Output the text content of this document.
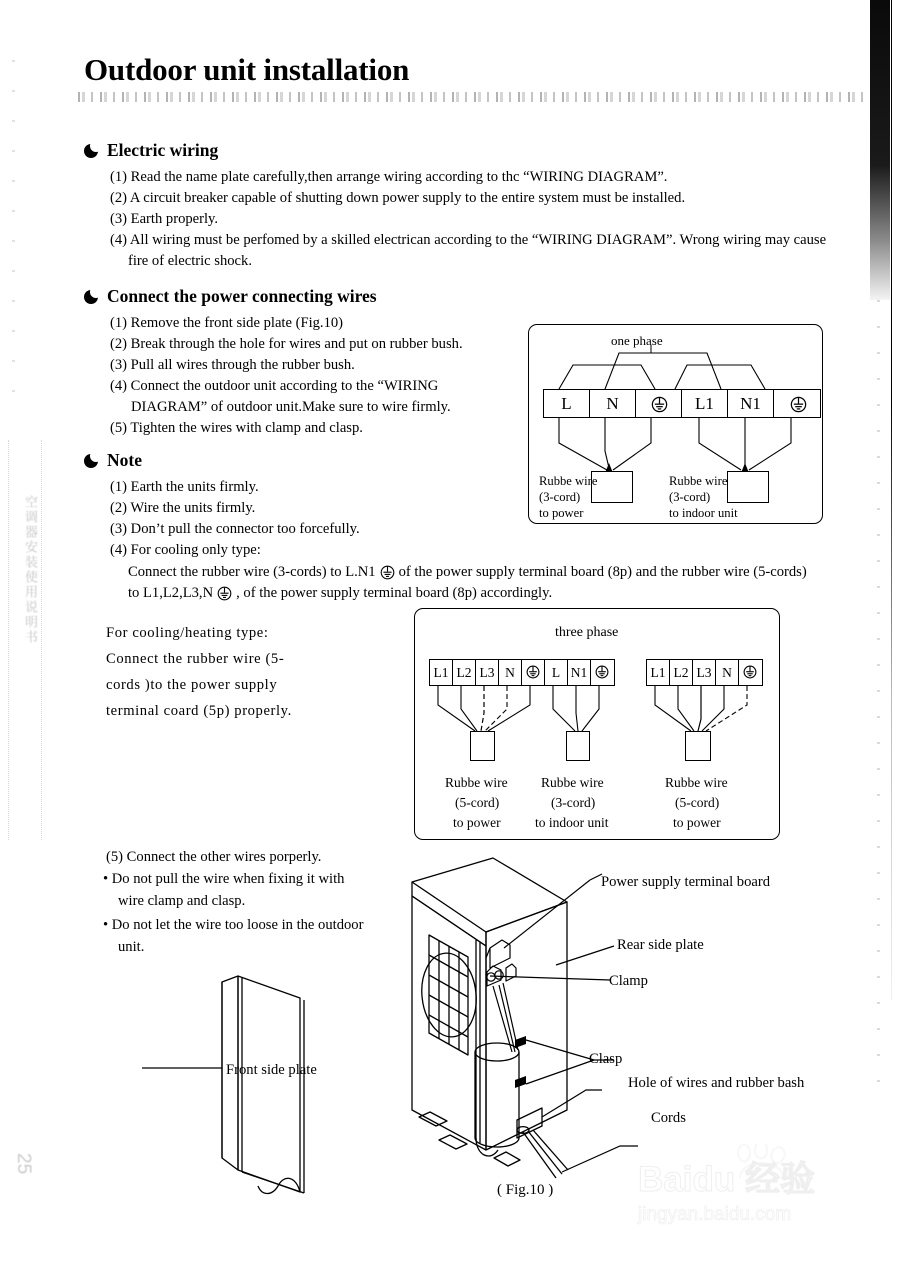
空调器安装使用说明书
25
Outdoor unit installation
Electric wiring
(1) Read the name plate carefully,then arrange wiring according to thc “WIRING DIAGRAM”.
(2) A circuit breaker capable of shutting down power supply to the entire system must be installed.
(3) Earth properly.
(4) All wiring must be perfomed by a skilled electrican according to the “WIRING DIAGRAM”. Wrong wiring may cause
fire of electric shock.
Connect the power connecting wires
(1) Remove the front side plate (Fig.10)
(2) Break through the hole for wires and put on rubber bush.
(3) Pull all wires through the rubber bush.
(4) Connect the outdoor unit according to the “WIRING
DIAGRAM” of outdoor unit.Make sure to wire firmly.
(5) Tighten the wires with clamp and clasp.
Note
(1) Earth the units firmly.
(2) Wire the units firmly.
(3) Don’t pull the connector too forcefully.
(4) For cooling only type:
Connect the rubber wire (3-cords) to L.N1 of the power supply terminal board (8p) and the rubber wire (5-cords)
to L1,L2,L3,N , of the power supply terminal board (8p) accordingly.
one phase
L	N	L1	N1
Rubbe wire
(3-cord)
to power
Rubbe wire
(3-cord)
to indoor unit
For cooling/heating type:
Connect the rubber wire (5-
cords )to the power supply
terminal coard (5p) properly.
three phase
L1 L2 L3 N	L N1	L1 L2 L3 N
Rubbe wire
(5-cord)
to power
Rubbe wire
(3-cord)
to indoor unit
Rubbe wire
(5-cord)
to power
(5) Connect the other wires porperly.
• Do not pull the wire when fixing it with
wire clamp and clasp.
• Do not let the wire too loose in the outdoor
unit.
Power supply terminal board
Rear side plate
Clamp
Clasp
Hole of wires and rubber bash
Cords
Front side plate
( Fig.10 ) Baidu 经验
jingyan.baidu.com
